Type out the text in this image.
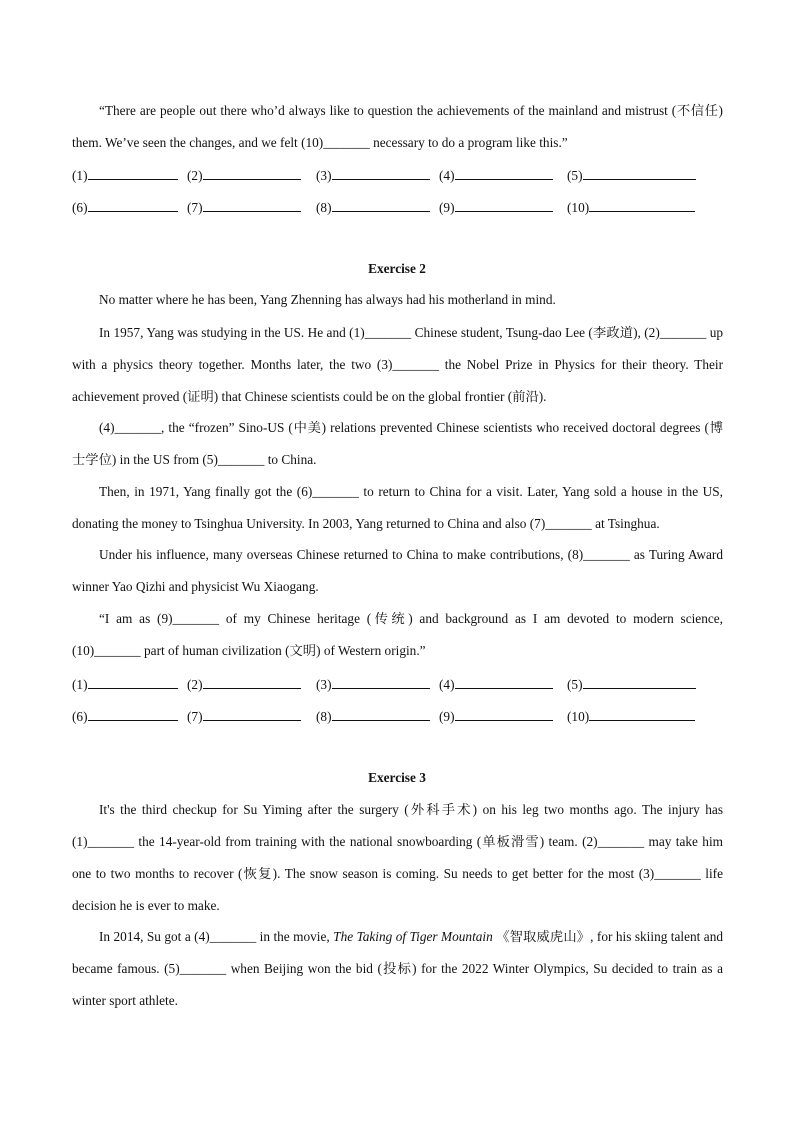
“There are people out there who’d always like to question the achievements of the mainland and mistrust (不信任) them. We’ve seen the changes, and we felt (10)_______ necessary to do a program like this.”

(1)	(2)	(3)	(4)	(5)
(6)	(7)	(8)	(9)	(10)
Exercise 2

No matter where he has been, Yang Zhenning has always had his motherland in mind.

In 1957, Yang was studying in the US. He and (1)_______ Chinese student, Tsung-dao Lee (李政道), (2)_______ up with a physics theory together. Months later, the two (3)_______ the Nobel Prize in Physics for their theory. Their achievement proved (证明) that Chinese scientists could be on the global frontier (前沿).

(4)_______, the “frozen” Sino-US (中美) relations prevented Chinese scientists who received doctoral degrees (博士学位) in the US from (5)_______ to China.

Then, in 1971, Yang finally got the (6)_______ to return to China for a visit. Later, Yang sold a house in the US, donating the money to Tsinghua University. In 2003, Yang returned to China and also (7)_______ at Tsinghua.

Under his influence, many overseas Chinese returned to China to make contributions, (8)_______ as Turing Award winner Yao Qizhi and physicist Wu Xiaogang.

“I am as (9)_______ of my Chinese heritage (传统) and background as I am devoted to modern science, (10)_______ part of human civilization (文明) of Western origin.”

(1)	(2)	(3)	(4)	(5)
(6)	(7)	(8)	(9)	(10)
Exercise 3

It's the third checkup for Su Yiming after the surgery (外科手术) on his leg two months ago. The injury has (1)_______ the 14-year-old from training with the national snowboarding (单板滑雪) team. (2)_______ may take him one to two months to recover (恢复). The snow season is coming. Su needs to get better for the most (3)_______ life decision he is ever to make.

In 2014, Su got a (4)_______ in the movie, The Taking of Tiger Mountain 《智取威虎山》, for his skiing talent and became famous. (5)_______ when Beijing won the bid (投标) for the 2022 Winter Olympics, Su decided to train as a winter sport athlete.
